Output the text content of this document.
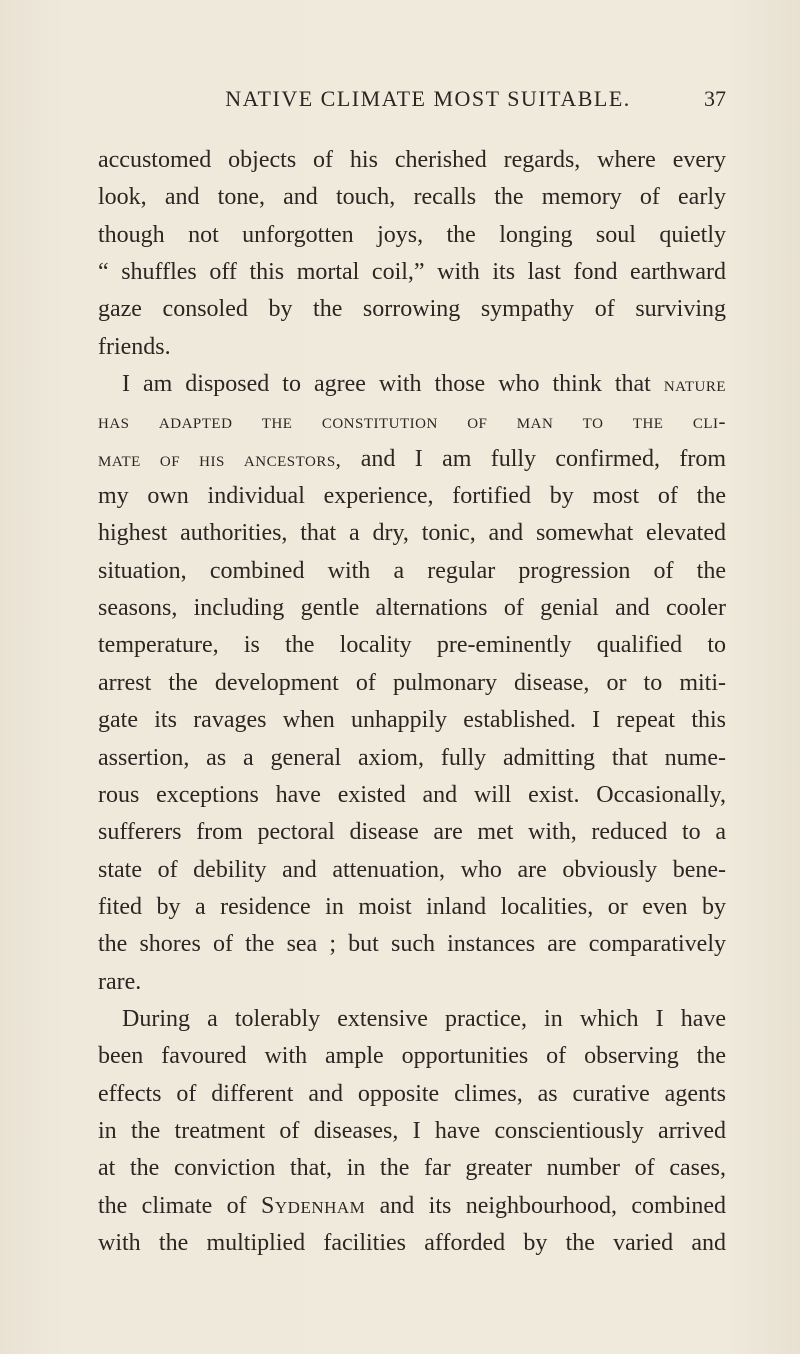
NATIVE CLIMATE MOST SUITABLE.	37
accustomed objects of his cherished regards, where every
look, and tone, and touch, recalls the memory of early
though not unforgotten joys, the longing soul quietly
“ shuffles off this mortal coil,” with its last fond earthward
gaze consoled by the sorrowing sympathy of surviving
friends.
I am disposed to agree with those who think that nature
has adapted the constitution of man to the cli-
mate of his ancestors, and I am fully confirmed, from
my own individual experience, fortified by most of the
highest authorities, that a dry, tonic, and somewhat elevated
situation, combined with a regular progression of the
seasons, including gentle alternations of genial and cooler
temperature, is the locality pre-eminently qualified to
arrest the development of pulmonary disease, or to miti-
gate its ravages when unhappily established. I repeat this
assertion, as a general axiom, fully admitting that nume-
rous exceptions have existed and will exist. Occasionally,
sufferers from pectoral disease are met with, reduced to a
state of debility and attenuation, who are obviously bene-
fited by a residence in moist inland localities, or even by
the shores of the sea ; but such instances are comparatively
rare.
During a tolerably extensive practice, in which I have
been favoured with ample opportunities of observing the
effects of different and opposite climes, as curative agents
in the treatment of diseases, I have conscientiously arrived
at the conviction that, in the far greater number of cases,
the climate of Sydenham and its neighbourhood, combined
with the multiplied facilities afforded by the varied and
